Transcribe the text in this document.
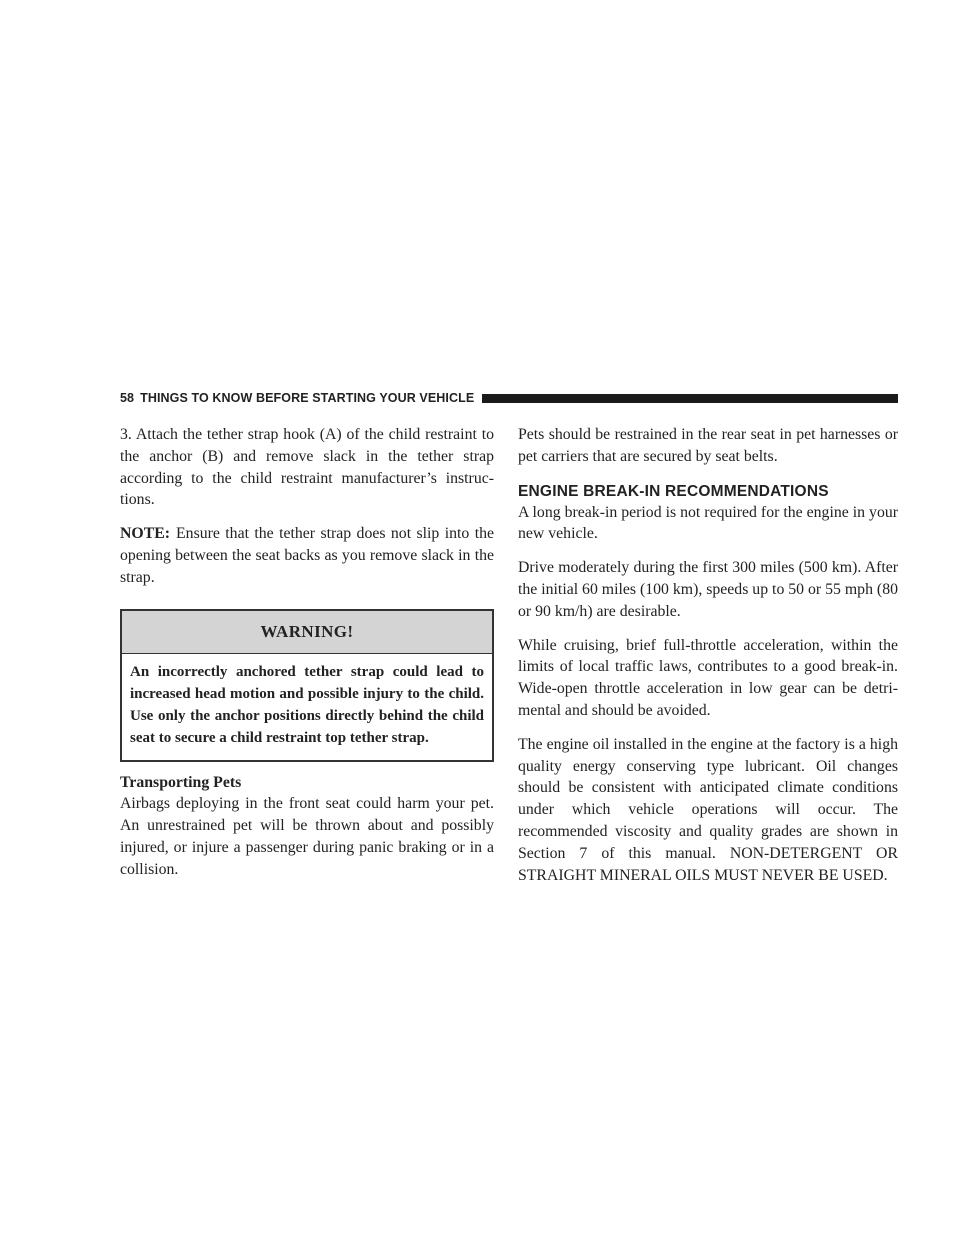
58 THINGS TO KNOW BEFORE STARTING YOUR VEHICLE

3. Attach the tether strap hook (A) of the child restraint to the anchor (B) and remove slack in the tether strap according to the child restraint manufacturer’s instruc-tions.

NOTE: Ensure that the tether strap does not slip into the opening between the seat backs as you remove slack in the strap.

WARNING!
An incorrectly anchored tether strap could lead to increased head motion and possible injury to the child. Use only the anchor positions directly behind the child seat to secure a child restraint top tether strap.
Transporting Pets

Airbags deploying in the front seat could harm your pet. An unrestrained pet will be thrown about and possibly injured, or injure a passenger during panic braking or in a collision.

Pets should be restrained in the rear seat in pet harnesses or pet carriers that are secured by seat belts.

ENGINE BREAK-IN RECOMMENDATIONS

A long break-in period is not required for the engine in your new vehicle.

Drive moderately during the first 300 miles (500 km). After the initial 60 miles (100 km), speeds up to 50 or 55 mph (80 or 90 km/h) are desirable.

While cruising, brief full-throttle acceleration, within the limits of local traffic laws, contributes to a good break-in. Wide-open throttle acceleration in low gear can be detri-mental and should be avoided.

The engine oil installed in the engine at the factory is a high quality energy conserving type lubricant. Oil changes should be consistent with anticipated climate conditions under which vehicle operations will occur. The recommended viscosity and quality grades are shown in Section 7 of this manual. NON-DETERGENT OR STRAIGHT MINERAL OILS MUST NEVER BE USED.
